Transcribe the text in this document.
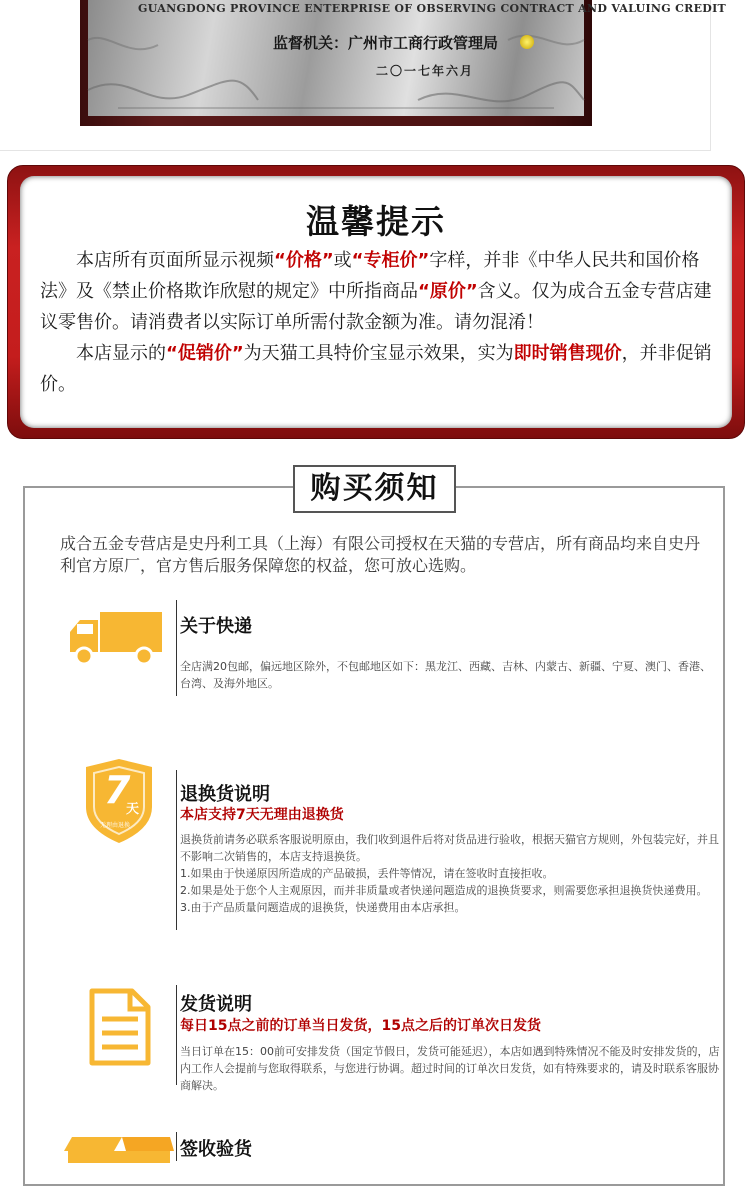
GUANGDONG PROVINCE ENTERPRISE OF OBSERVING CONTRACT AND VALUING CREDIT
监督机关：广州市工商行政管理局
二〇一七年六月
温馨提示

本店所有页面所显示视频“价格”或“专柜价”字样，并非《中华人民共和国价格法》及《禁止价格欺诈欣慰的规定》中所指商品“原价”含义。仅为成合五金专营店建议零售价。请消费者以实际订单所需付款金额为准。请勿混淆！

本店显示的“促销价”为天猫工具特价宝显示效果，实为即时销售现价，并非促销价。

购买须知
成合五金专营店是史丹利工具（上海）有限公司授权在天猫的专营店，所有商品均来自史丹利官方原厂，官方售后服务保障您的权益，您可放心选购。
关于快递
全店满20包邮，偏远地区除外，不包邮地区如下：黑龙江、西藏、吉林、内蒙古、新疆、宁夏、澳门、香港、台湾、及海外地区。
7
天
无理由退换
退换货说明
本店支持7天无理由退换货

退换货前请务必联系客服说明原由，我们收到退件后将对货品进行验收，根据天猫官方规则，外包装完好，并且不影响二次销售的，本店支持退换货。

1.如果由于快递原因所造成的产品破损，丢件等情况，请在签收时直接拒收。

2.如果是处于您个人主观原因，而并非质量或者快递问题造成的退换货要求，则需要您承担退换货快递费用。

3.由于产品质量问题造成的退换货，快递费用由本店承担。

发货说明
每日15点之前的订单当日发货，15点之后的订单次日发货
当日订单在15：00前可安排发货（国定节假日，发货可能延迟），本店如遇到特殊情况不能及时安排发货的，店内工作人会提前与您取得联系，与您进行协调。超过时间的订单次日发货，如有特殊要求的，请及时联系客服协商解决。
签收验货
